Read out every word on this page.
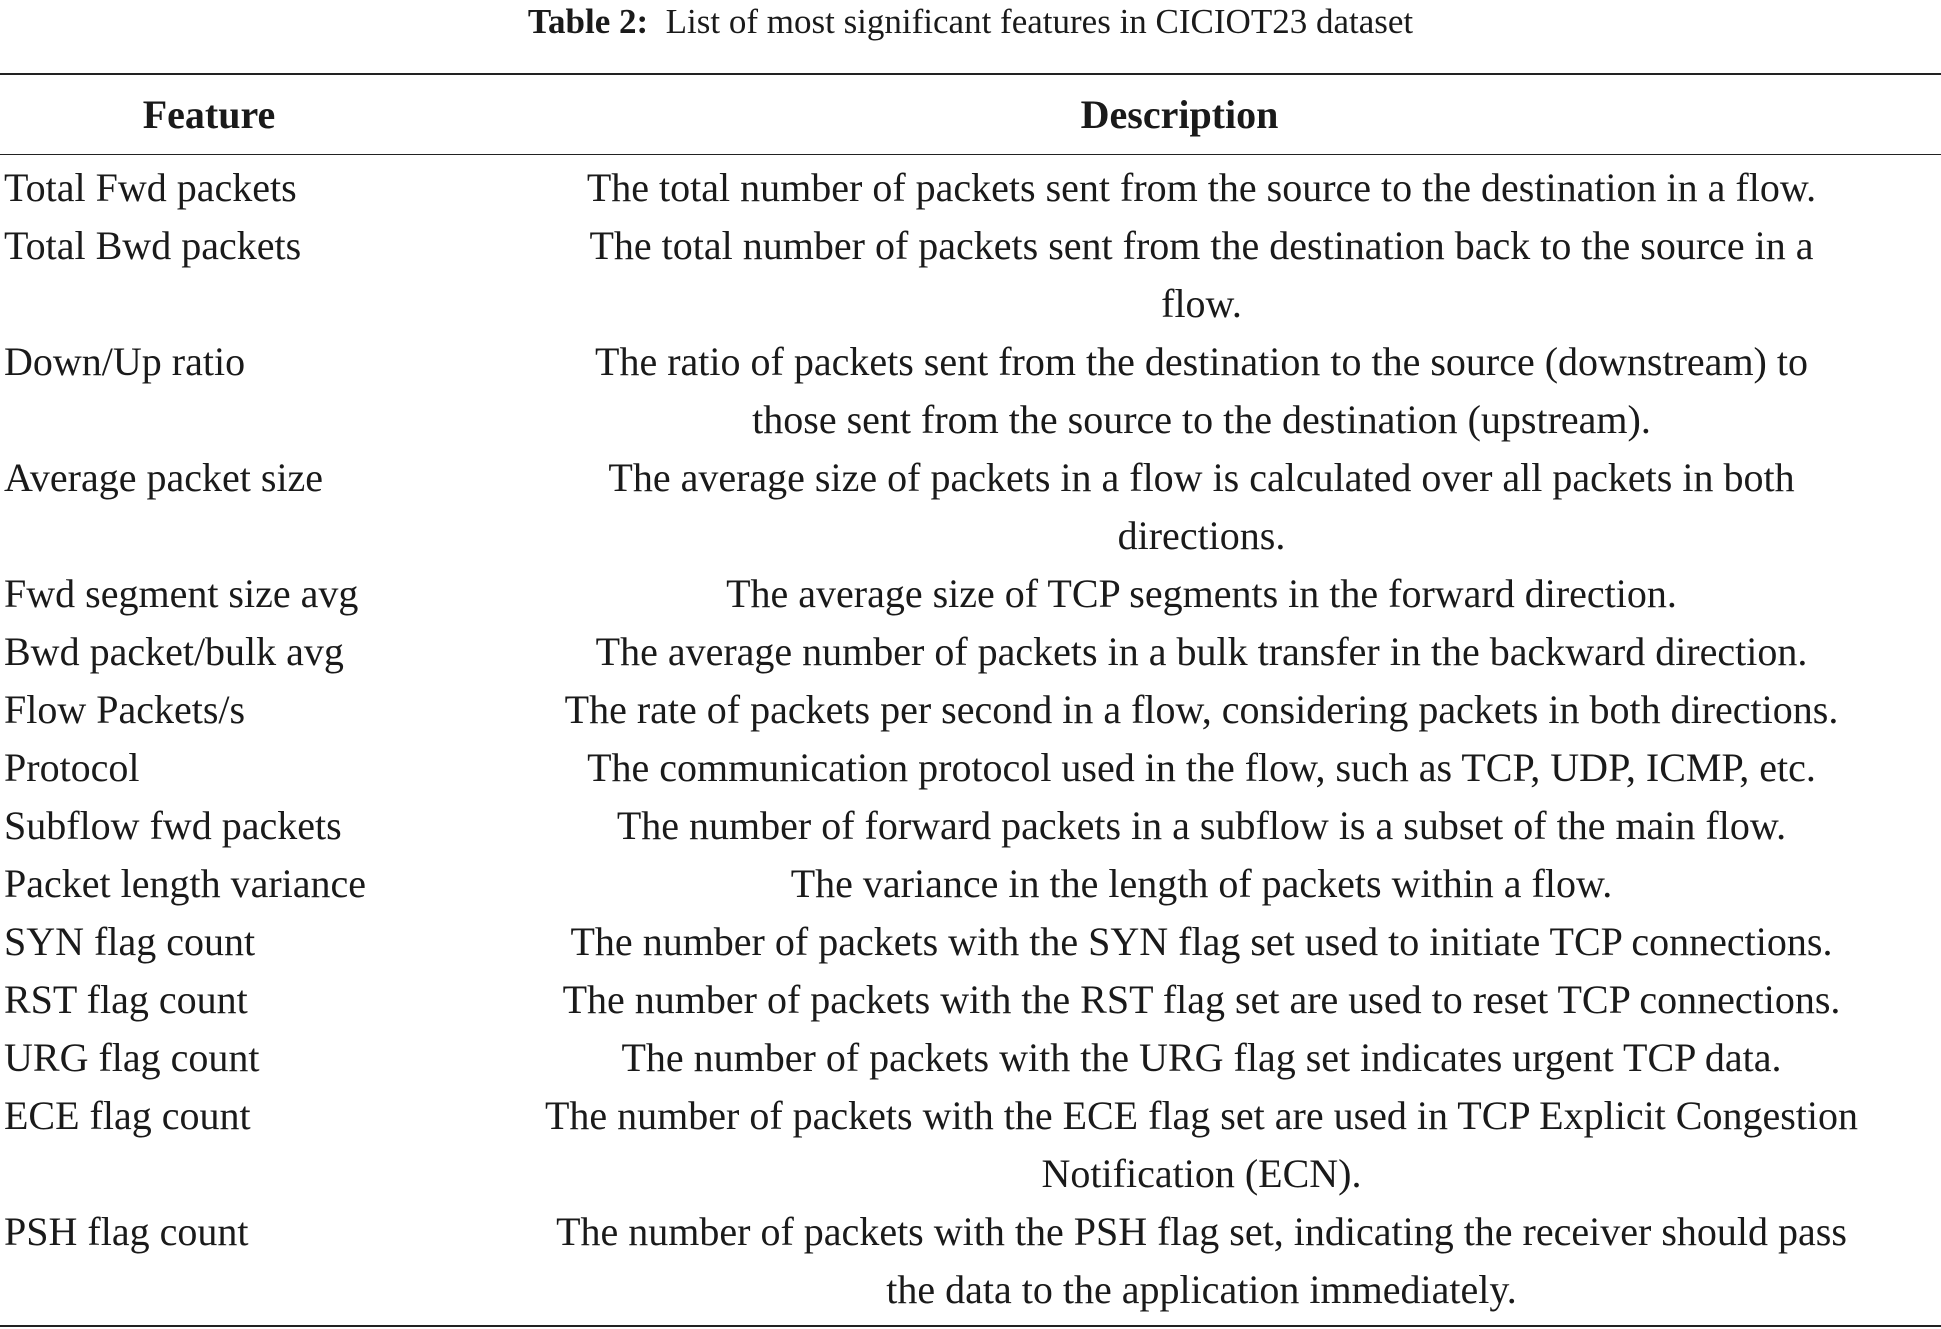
Table 2: List of most significant features in CICIOT23 dataset
Feature	Description
Total Fwd packets	The total number of packets sent from the source to the destination in a flow.
Total Bwd packets	The total number of packets sent from the destination back to the source in a
flow.
Down/Up ratio	The ratio of packets sent from the destination to the source (downstream) to
those sent from the source to the destination (upstream).
Average packet size	The average size of packets in a flow is calculated over all packets in both
directions.
Fwd segment size avg	The average size of TCP segments in the forward direction.
Bwd packet/bulk avg	The average number of packets in a bulk transfer in the backward direction.
Flow Packets/s	The rate of packets per second in a flow, considering packets in both directions.
Protocol	The communication protocol used in the flow, such as TCP, UDP, ICMP, etc.
Subflow fwd packets	The number of forward packets in a subflow is a subset of the main flow.
Packet length variance	The variance in the length of packets within a flow.
SYN flag count	The number of packets with the SYN flag set used to initiate TCP connections.
RST flag count	The number of packets with the RST flag set are used to reset TCP connections.
URG flag count	The number of packets with the URG flag set indicates urgent TCP data.
ECE flag count	The number of packets with the ECE flag set are used in TCP Explicit Congestion
Notification (ECN).
PSH flag count	The number of packets with the PSH flag set, indicating the receiver should pass
the data to the application immediately.
